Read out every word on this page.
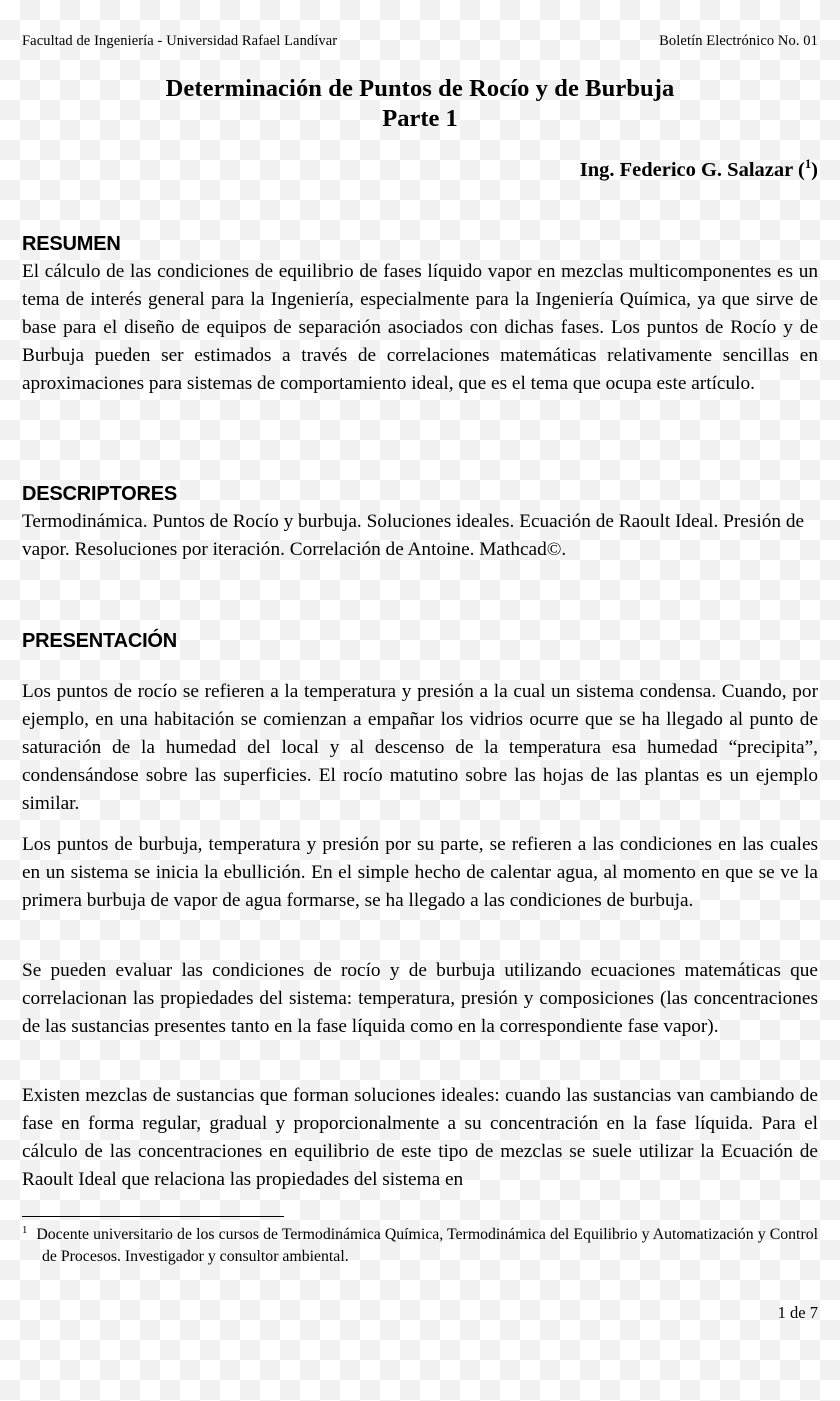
Facultad de Ingeniería - Universidad Rafael Landívar	Boletín Electrónico No. 01
Determinación de Puntos de Rocío y de Burbuja
Parte 1
Ing. Federico G. Salazar ($^1$)
RESUMEN

El cálculo de las condiciones de equilibrio de fases líquido vapor en mezclas multicomponentes es un tema de interés general para la Ingeniería, especialmente para la Ingeniería Química, ya que sirve de base para el diseño de equipos de separación asociados con dichas fases. Los puntos de Rocío y de Burbuja pueden ser estimados a través de correlaciones matemáticas relativamente sencillas en aproximaciones para sistemas de comportamiento ideal, que es el tema que ocupa este artículo.

DESCRIPTORES

Termodinámica. Puntos de Rocío y burbuja. Soluciones ideales. Ecuación de Raoult Ideal. Presión de vapor. Resoluciones por iteración. Correlación de Antoine. Mathcad©.

PRESENTACIÓN

Los puntos de rocío se refieren a la temperatura y presión a la cual un sistema condensa. Cuando, por ejemplo, en una habitación se comienzan a empañar los vidrios ocurre que se ha llegado al punto de saturación de la humedad del local y al descenso de la temperatura esa humedad “precipita”, condensándose sobre las superficies. El rocío matutino sobre las hojas de las plantas es un ejemplo similar.

Los puntos de burbuja, temperatura y presión por su parte, se refieren a las condiciones en las cuales en un sistema se inicia la ebullición. En el simple hecho de calentar agua, al momento en que se ve la primera burbuja de vapor de agua formarse, se ha llegado a las condiciones de burbuja.

Se pueden evaluar las condiciones de rocío y de burbuja utilizando ecuaciones matemáticas que correlacionan las propiedades del sistema: temperatura, presión y composiciones (las concentraciones de las sustancias presentes tanto en la fase líquida como en la correspondiente fase vapor).

Existen mezclas de sustancias que forman soluciones ideales: cuando las sustancias van cambiando de fase en forma regular, gradual y proporcionalmente a su concentración en la fase líquida. Para el cálculo de las concentraciones en equilibrio de este tipo de mezclas se suele utilizar la Ecuación de Raoult Ideal que relaciona las propiedades del sistema en

$^1$ Docente universitario de los cursos de Termodinámica Química, Termodinámica del Equilibrio y Automatización y Control de Procesos. Investigador y consultor ambiental.

1 de 7
